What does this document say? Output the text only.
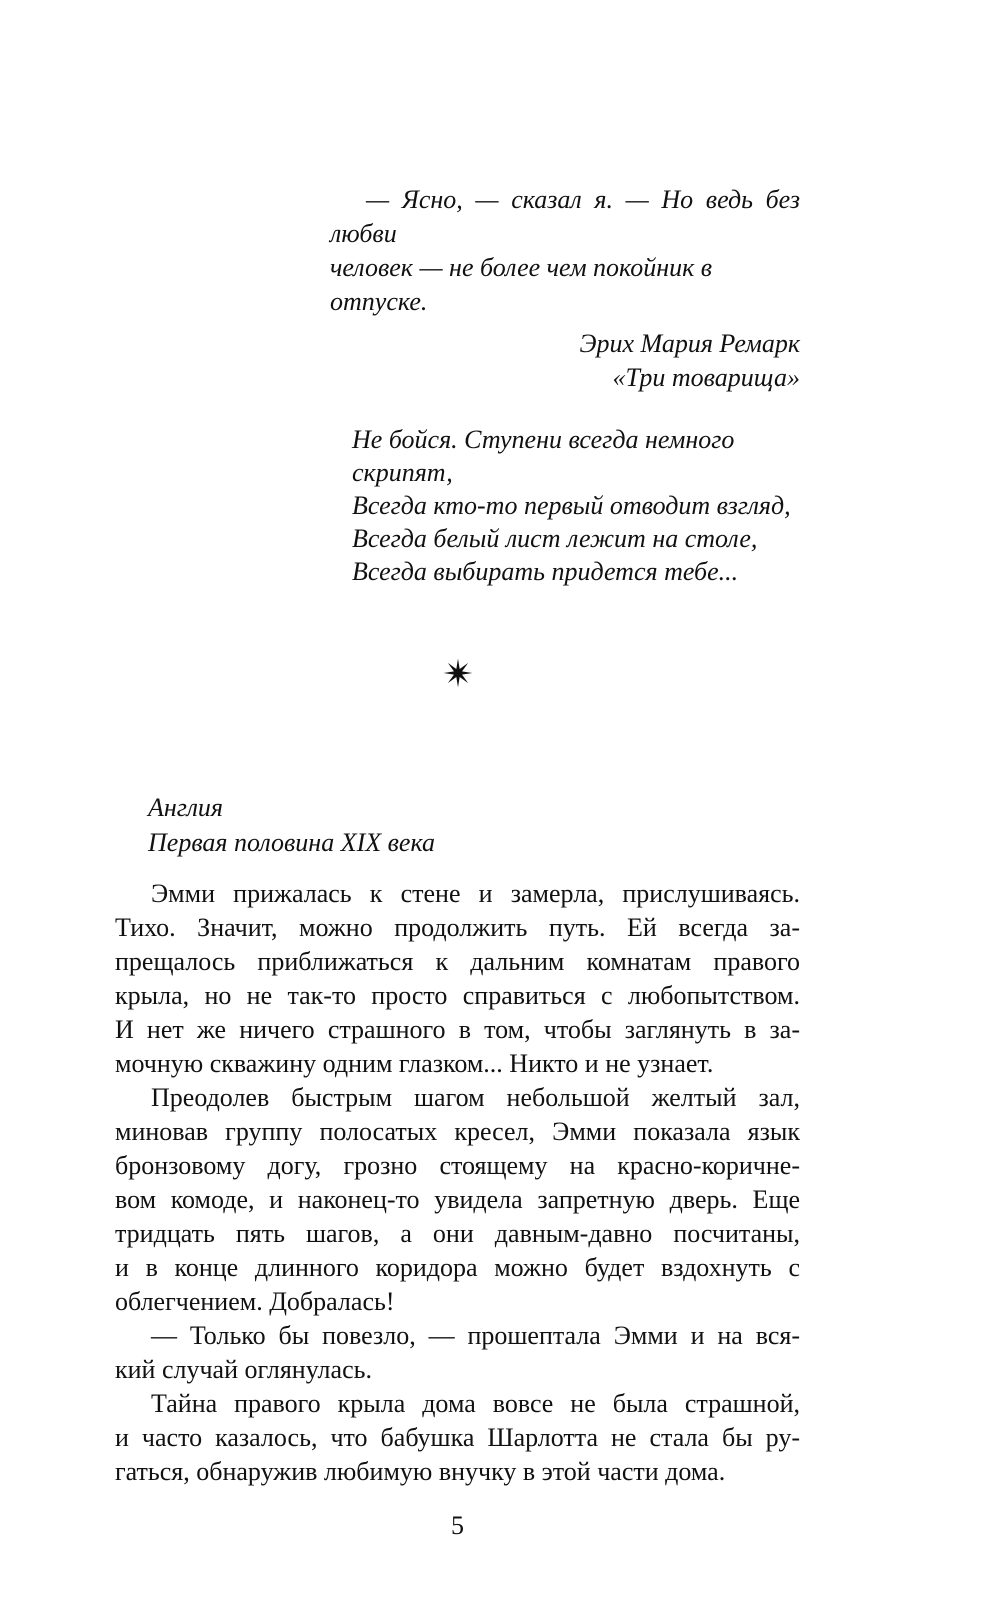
— Ясно, — сказал я. — Но ведь без любви
человек — не более чем покойник в отпуске.
Эрих Мария Ремарк
«Три товарища»
Не бойся. Ступени всегда немного скрипят,
Всегда кто-то первый отводит взгляд,
Всегда белый лист лежит на столе,
Всегда выбирать придется тебе...
Англия
Первая половина XIX века
Эмми прижалась к стене и замерла, прислушиваясь.
Тихо. Значит, можно продолжить путь. Ей всегда за-
прещалось приближаться к дальним комнатам правого
крыла, но не так-то просто справиться с любопытством.
И нет же ничего страшного в том, чтобы заглянуть в за-
мочную скважину одним глазком... Никто и не узнает.
Преодолев быстрым шагом небольшой желтый зал,
миновав группу полосатых кресел, Эмми показала язык
бронзовому догу, грозно стоящему на красно-коричне-
вом комоде, и наконец-то увидела запретную дверь. Еще
тридцать пять шагов, а они давным-давно посчитаны,
и в конце длинного коридора можно будет вздохнуть с
облегчением. Добралась!
— Только бы повезло, — прошептала Эмми и на вся-
кий случай оглянулась.
Тайна правого крыла дома вовсе не была страшной,
и часто казалось, что бабушка Шарлотта не стала бы ру-
гаться, обнаружив любимую внучку в этой части дома.
5
